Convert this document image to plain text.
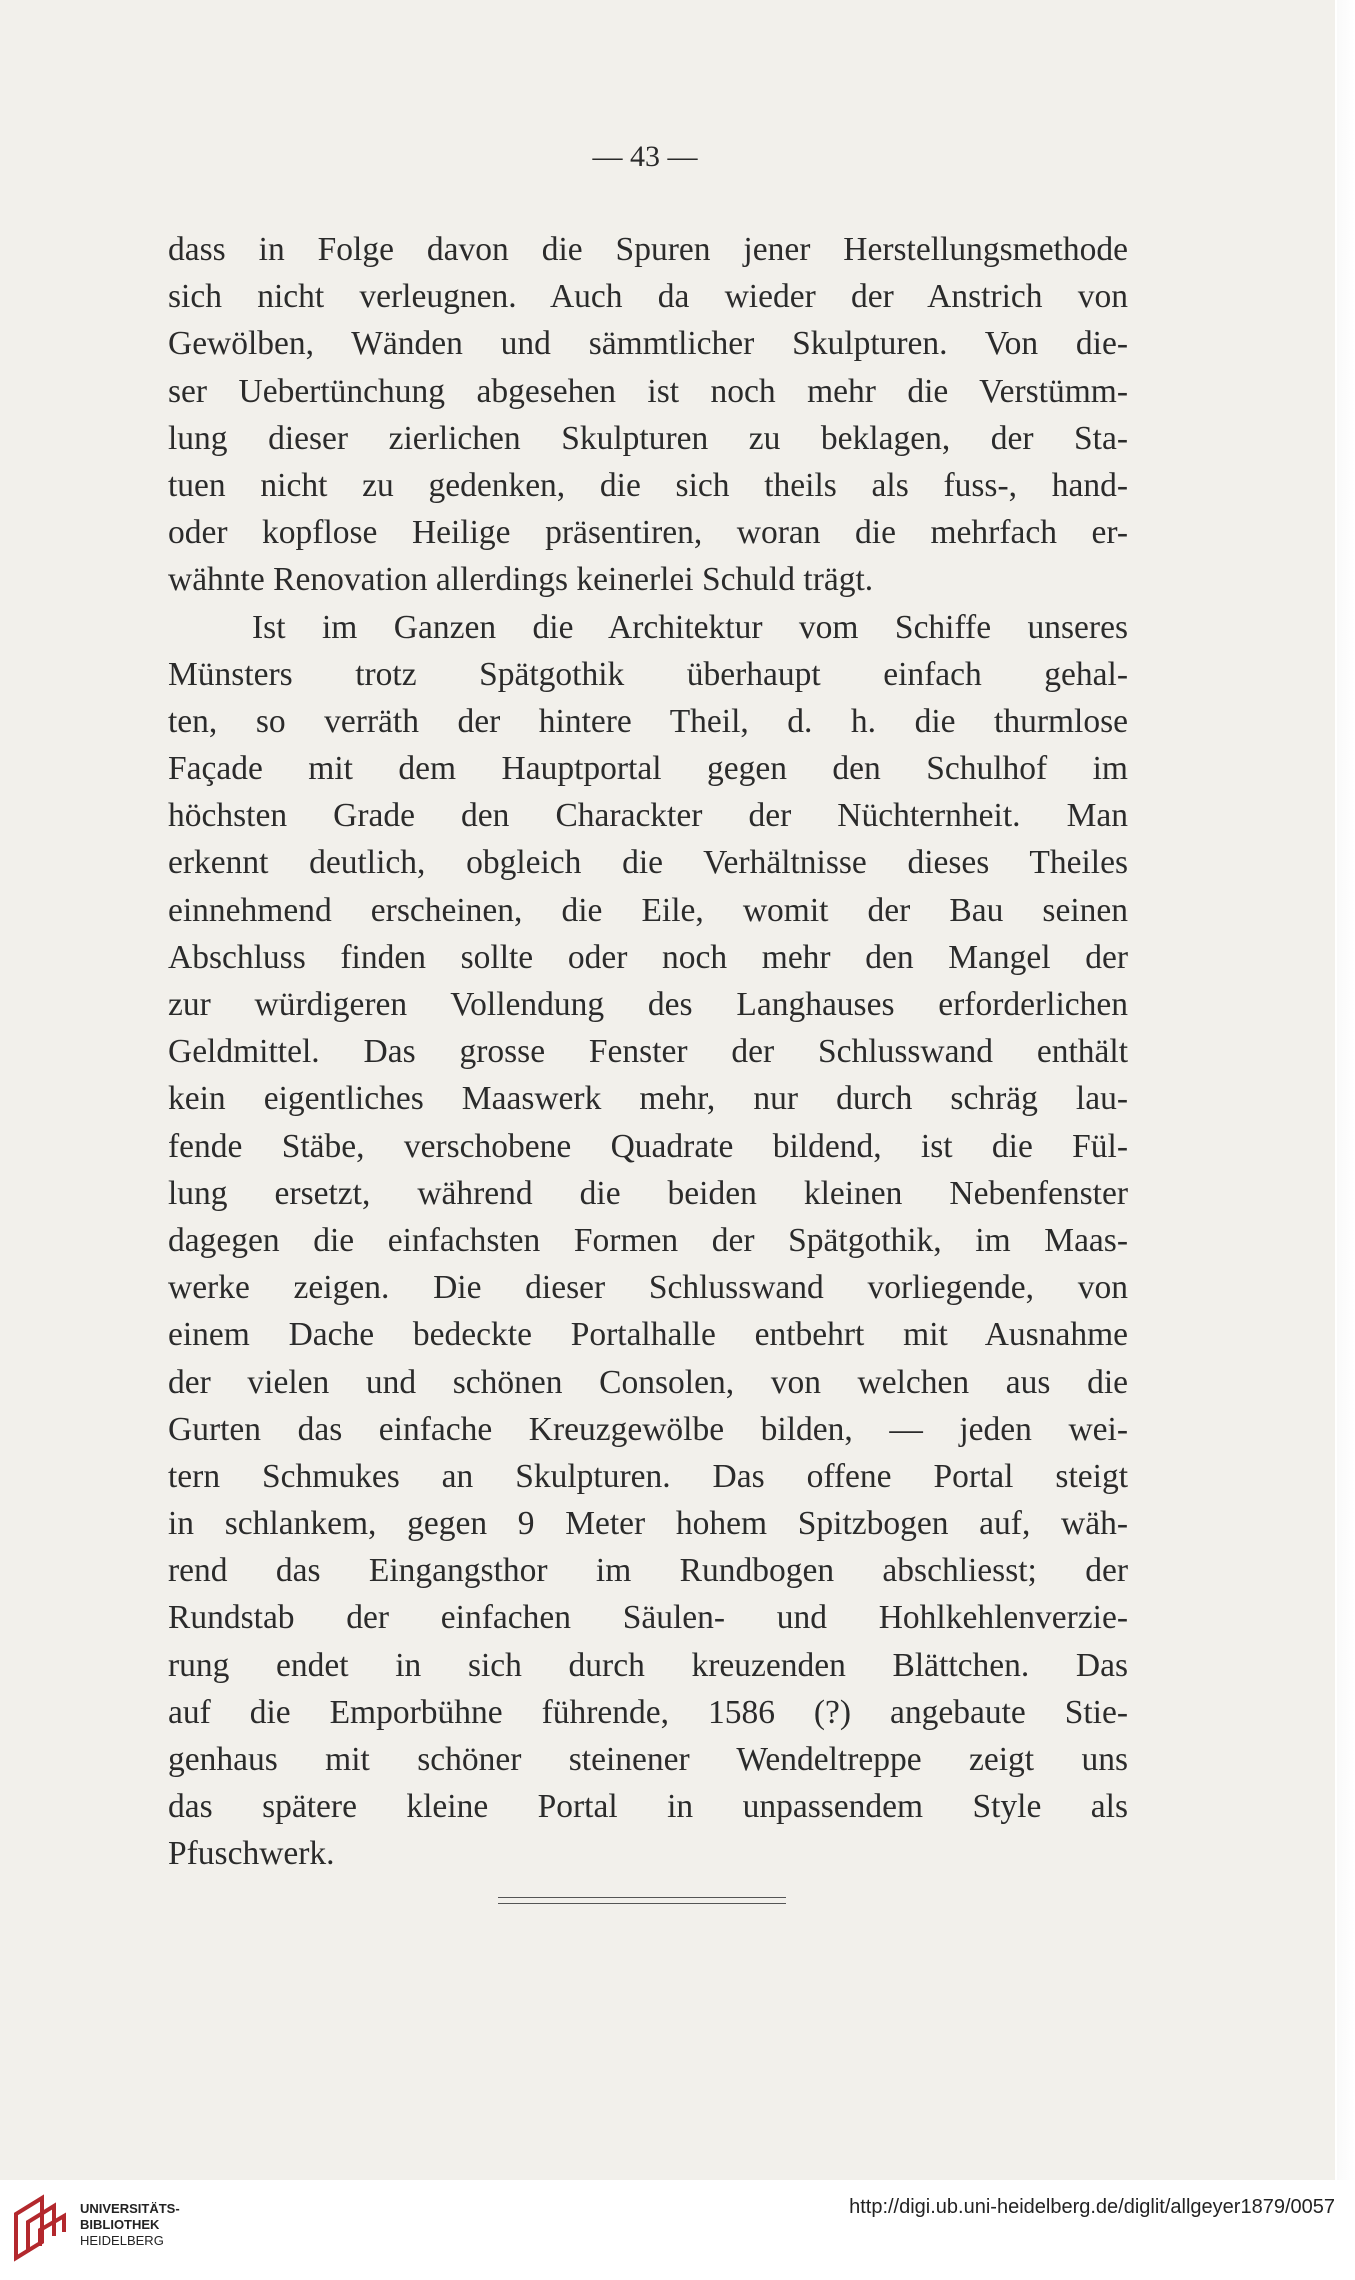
— 43 —
dass in Folge davon die Spuren jener Herstellungsmethode
sich nicht verleugnen. Auch da wieder der Anstrich von
Gewölben, Wänden und sämmtlicher Skulpturen. Von die-
ser Uebertünchung abgesehen ist noch mehr die Verstümm-
lung dieser zierlichen Skulpturen zu beklagen, der Sta-
tuen nicht zu gedenken, die sich theils als fuss-, hand-
oder kopflose Heilige präsentiren, woran die mehrfach er-
wähnte Renovation allerdings keinerlei Schuld trägt.
Ist im Ganzen die Architektur vom Schiffe unseres
Münsters trotz Spätgothik überhaupt einfach gehal-
ten, so verräth der hintere Theil, d. h. die thurmlose
Façade mit dem Hauptportal gegen den Schulhof im
höchsten Grade den Charackter der Nüchternheit. Man
erkennt deutlich, obgleich die Verhältnisse dieses Theiles
einnehmend erscheinen, die Eile, womit der Bau seinen
Abschluss finden sollte oder noch mehr den Mangel der
zur würdigeren Vollendung des Langhauses erforderlichen
Geldmittel. Das grosse Fenster der Schlusswand enthält
kein eigentliches Maaswerk mehr, nur durch schräg lau-
fende Stäbe, verschobene Quadrate bildend, ist die Fül-
lung ersetzt, während die beiden kleinen Nebenfenster
dagegen die einfachsten Formen der Spätgothik, im Maas-
werke zeigen. Die dieser Schlusswand vorliegende, von
einem Dache bedeckte Portalhalle entbehrt mit Ausnahme
der vielen und schönen Consolen, von welchen aus die
Gurten das einfache Kreuzgewölbe bilden, — jeden wei-
tern Schmukes an Skulpturen. Das offene Portal steigt
in schlankem, gegen 9 Meter hohem Spitzbogen auf, wäh-
rend das Eingangsthor im Rundbogen abschliesst; der
Rundstab der einfachen Säulen- und Hohlkehlenverzie-
rung endet in sich durch kreuzenden Blättchen. Das
auf die Emporbühne führende, 1586 (?) angebaute Stie-
genhaus mit schöner steinener Wendeltreppe zeigt uns
das spätere kleine Portal in unpassendem Style als
Pfuschwerk.
UNIVERSITÄTS-
BIBLIOTHEK
HEIDELBERG
http://digi.ub.uni-heidelberg.de/diglit/allgeyer1879/0057
